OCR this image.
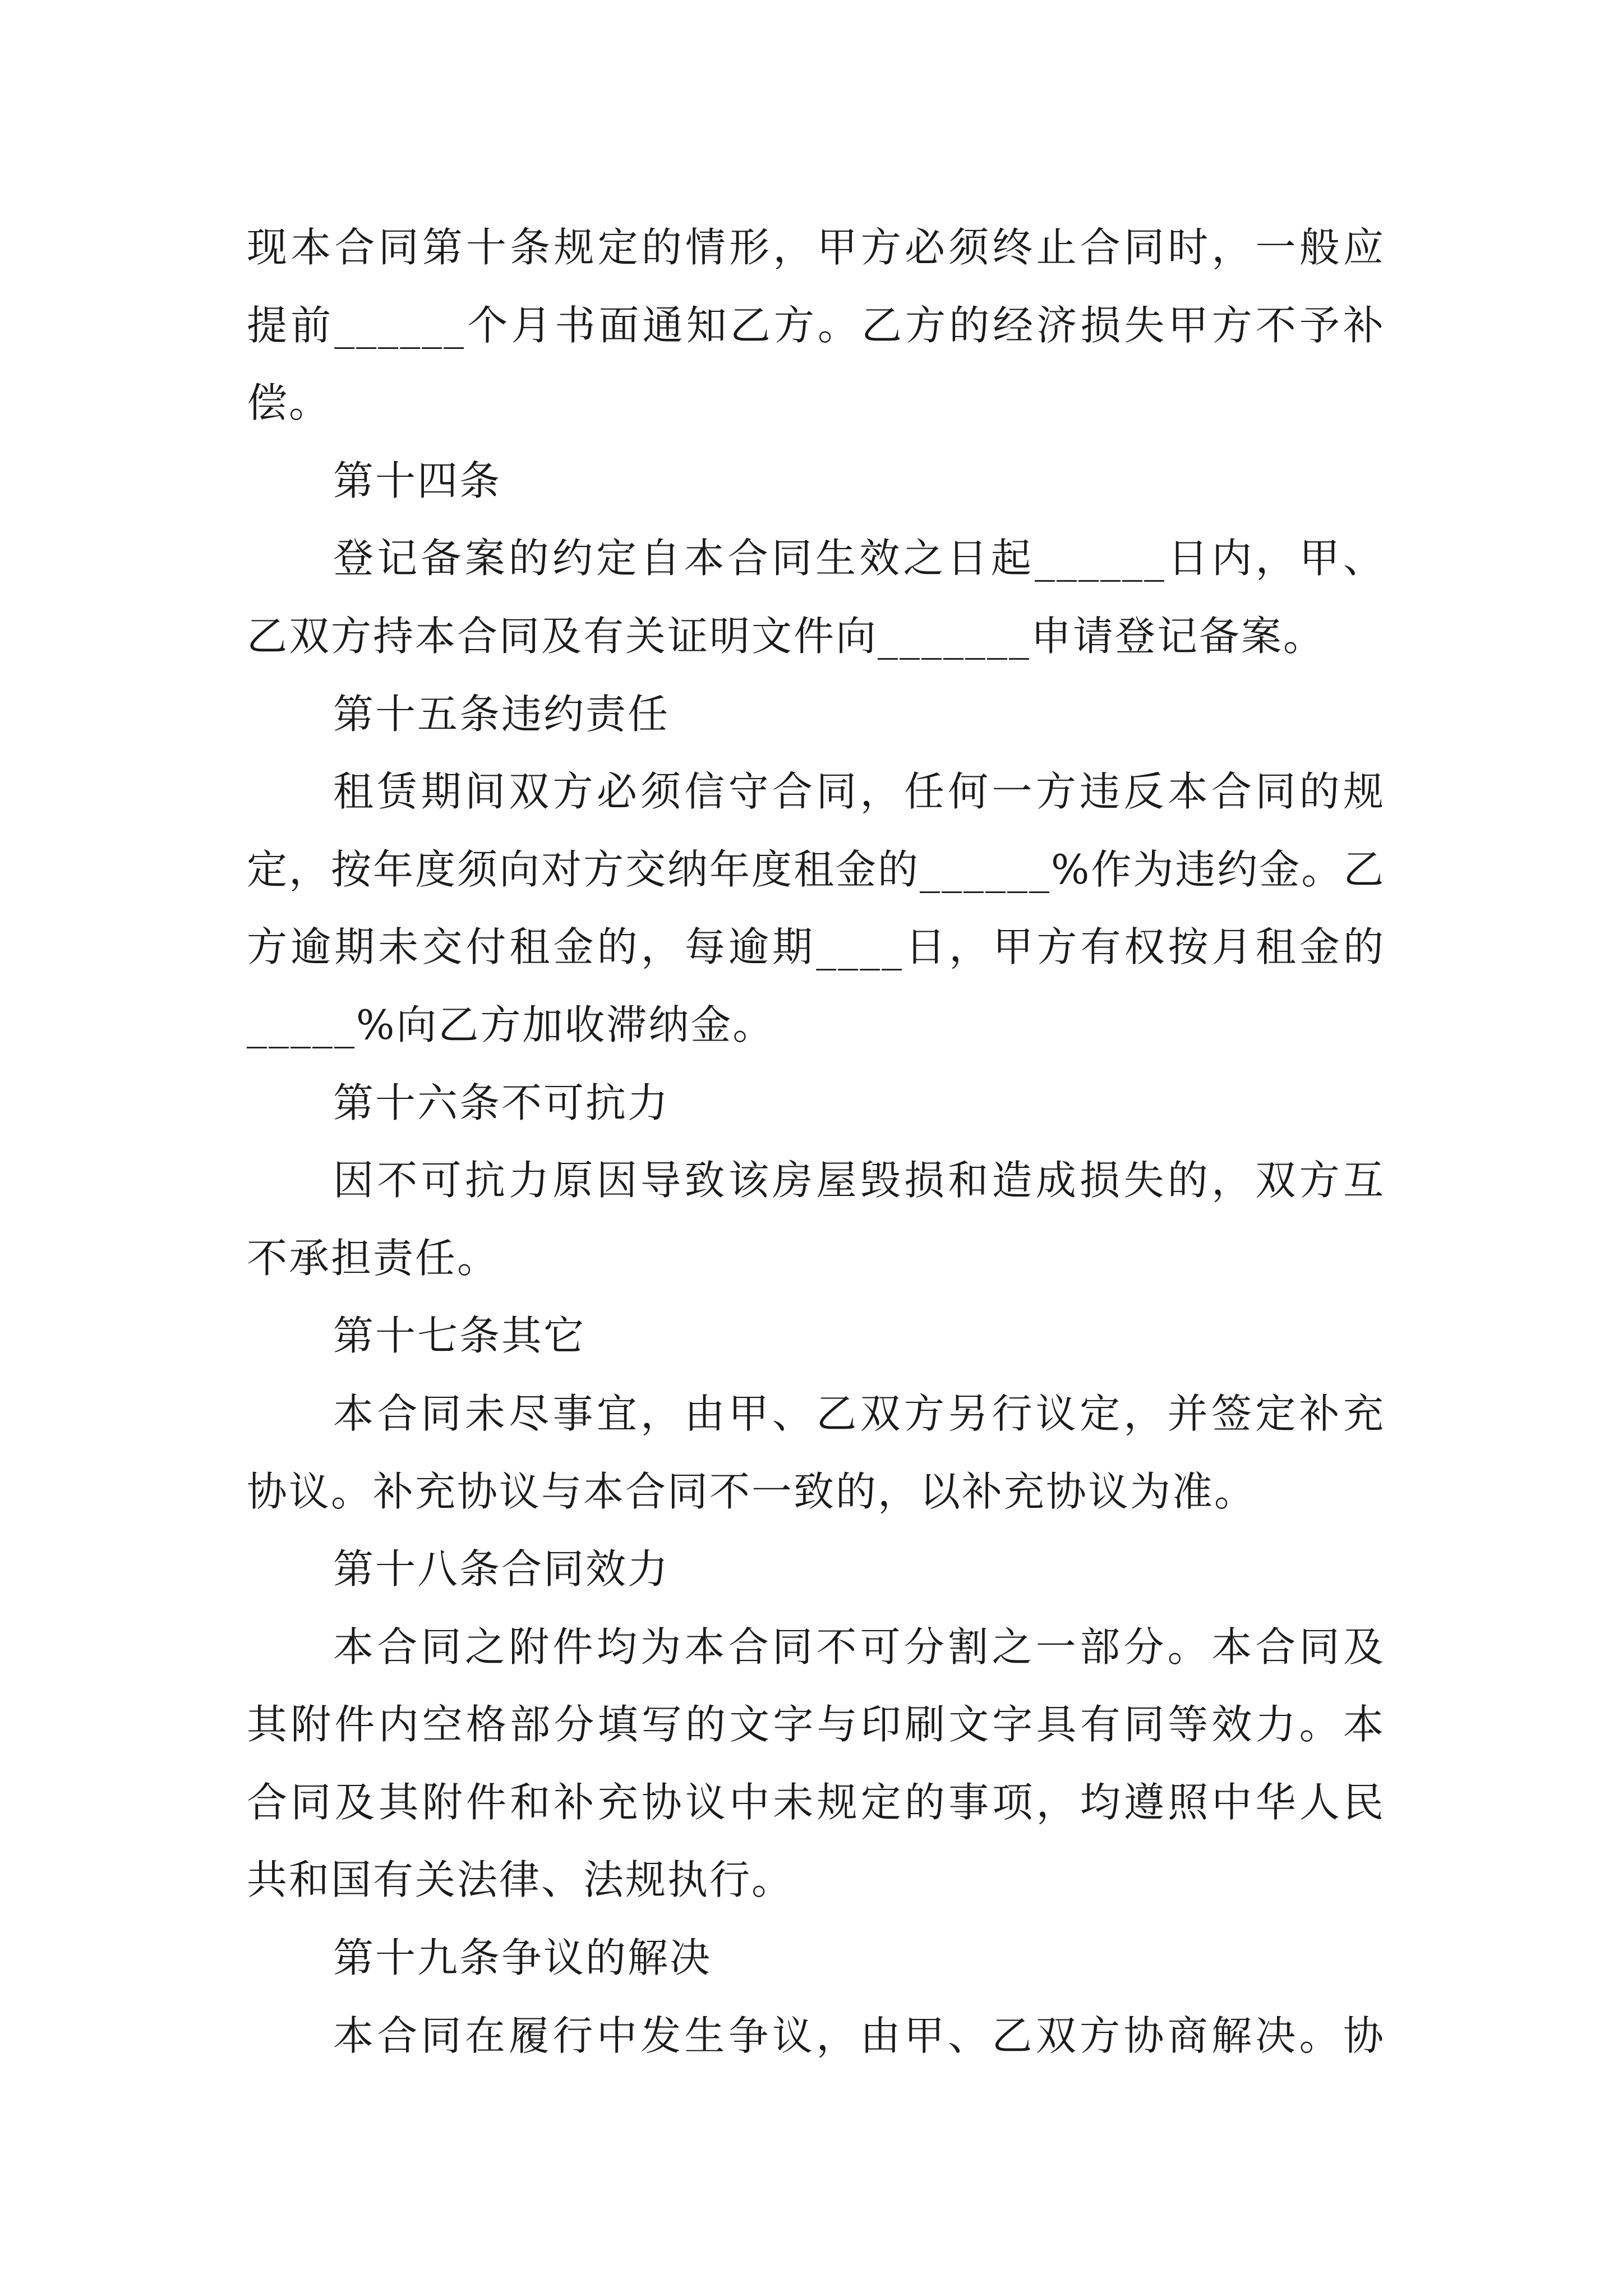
现本合同第十条规定的情形，甲方必须终止合同时，一般应
提前______个月书面通知乙方。乙方的经济损失甲方不予补
偿。
第十四条
登记备案的约定自本合同生效之日起______日内，甲、
乙双方持本合同及有关证明文件向_______申请登记备案。
第十五条违约责任
租赁期间双方必须信守合同，任何一方违反本合同的规
定，按年度须向对方交纳年度租金的______%作为违约金。乙
方逾期未交付租金的，每逾期____日，甲方有权按月租金的
_____%向乙方加收滞纳金。
第十六条不可抗力
因不可抗力原因导致该房屋毁损和造成损失的，双方互
不承担责任。
第十七条其它
本合同未尽事宜，由甲、乙双方另行议定，并签定补充
协议。补充协议与本合同不一致的，以补充协议为准。
第十八条合同效力
本合同之附件均为本合同不可分割之一部分。本合同及
其附件内空格部分填写的文字与印刷文字具有同等效力。本
合同及其附件和补充协议中未规定的事项，均遵照中华人民
共和国有关法律、法规执行。
第十九条争议的解决
本合同在履行中发生争议，由甲、乙双方协商解决。协
